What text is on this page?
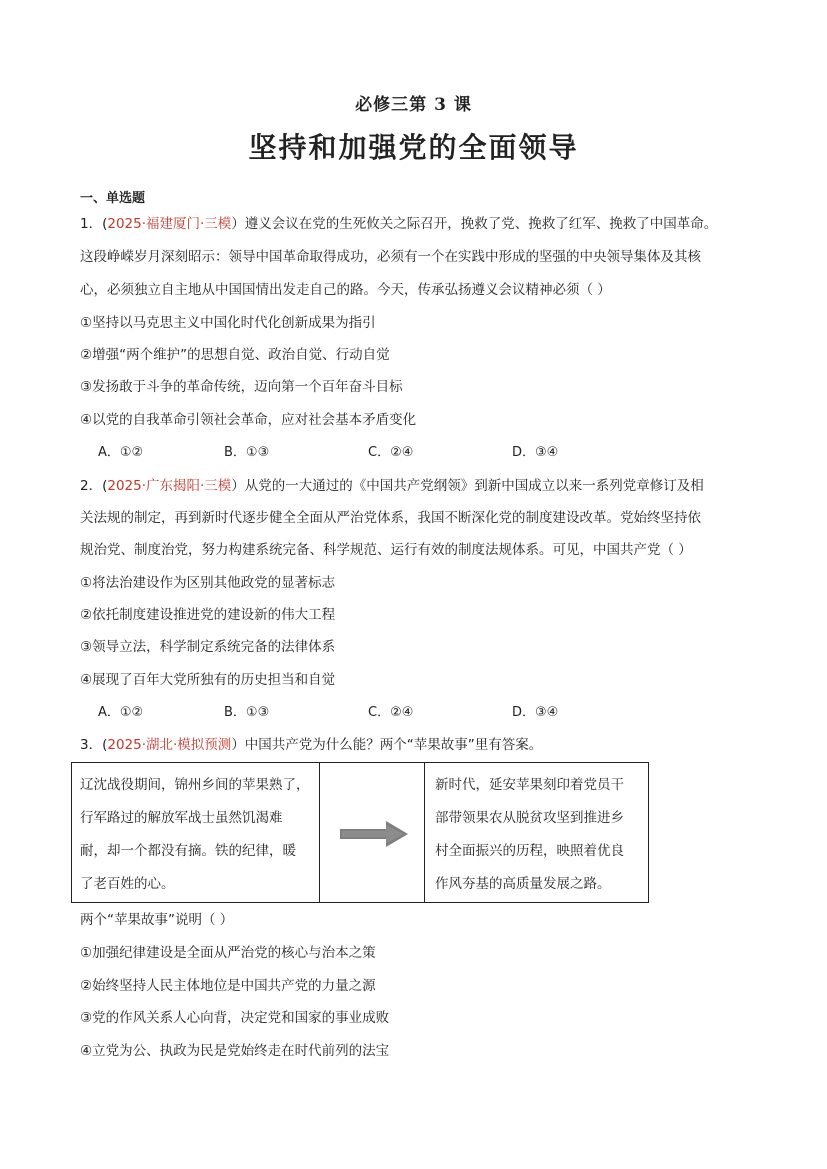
必修三第 3 课
坚持和加强党的全面领导
一、单选题
1．(2025·福建厦门·三模）遵义会议在党的生死攸关之际召开，挽救了党、挽救了红军、挽救了中国革命。
这段峥嵘岁月深刻昭示：领导中国革命取得成功，必须有一个在实践中形成的坚强的中央领导集体及其核
心，必须独立自主地从中国国情出发走自己的路。今天，传承弘扬遵义会议精神必须（ ）
①坚持以马克思主义中国化时代化创新成果为指引
②增强“两个维护”的思想自觉、政治自觉、行动自觉
③发扬敢于斗争的革命传统，迈向第一个百年奋斗目标
④以党的自我革命引领社会革命，应对社会基本矛盾变化
A．①②	B．①③	C．②④	D．③④
2．(2025·广东揭阳·三模）从党的一大通过的《中国共产党纲领》到新中国成立以来一系列党章修订及相
关法规的制定，再到新时代逐步健全全面从严治党体系，我国不断深化党的制度建设改革。党始终坚持依
规治党、制度治党，努力构建系统完备、科学规范、运行有效的制度法规体系。可见，中国共产党（ ）
①将法治建设作为区别其他政党的显著标志
②依托制度建设推进党的建设新的伟大工程
③领导立法，科学制定系统完备的法律体系
④展现了百年大党所独有的历史担当和自觉
A．①②	B．①③	C．②④	D．③④
3．(2025·湖北·模拟预测）中国共产党为什么能？两个“苹果故事”里有答案。
辽沈战役期间，锦州乡间的苹果熟了，
行军路过的解放军战士虽然饥渴难
耐，却一个都没有摘。铁的纪律，暖
了老百姓的心。
新时代，延安苹果刻印着党员干
部带领果农从脱贫攻坚到推进乡
村全面振兴的历程，映照着优良
作风夯基的高质量发展之路。
两个“苹果故事”说明（ ）
①加强纪律建设是全面从严治党的核心与治本之策
②始终坚持人民主体地位是中国共产党的力量之源
③党的作风关系人心向背，决定党和国家的事业成败
④立党为公、执政为民是党始终走在时代前列的法宝
